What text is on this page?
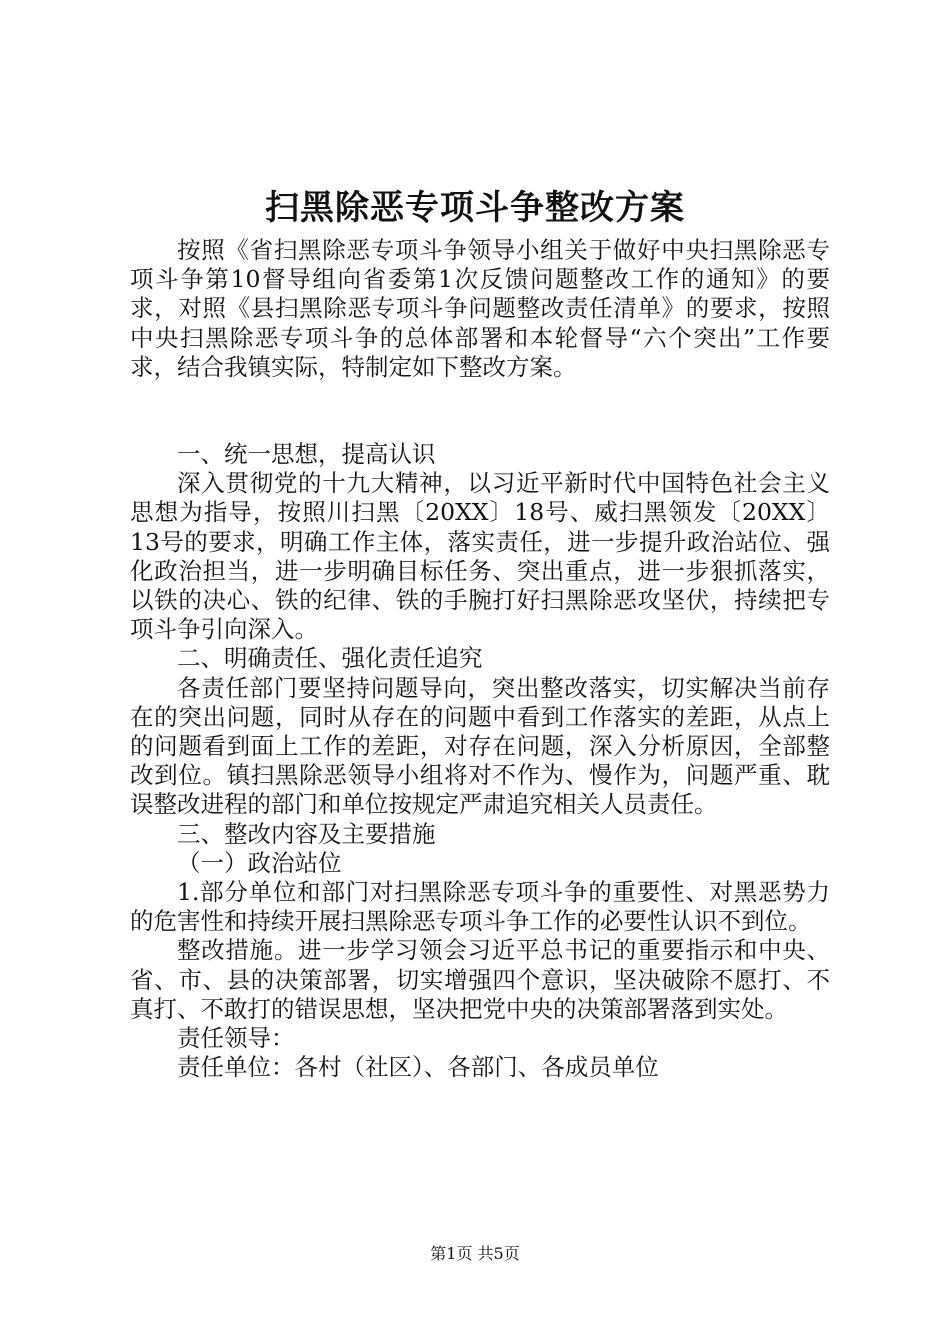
扫黑除恶专项斗争整改方案

按照《省扫黑除恶专项斗争领导小组关于做好中央扫黑除恶专项斗争第10督导组向省委第1次反馈问题整改工作的通知》的要求，对照《县扫黑除恶专项斗争问题整改责任清单》的要求，按照中央扫黑除恶专项斗争的总体部署和本轮督导“六个突出”工作要求，结合我镇实际，特制定如下整改方案。

一、统一思想，提高认识

深入贯彻党的十九大精神，以习近平新时代中国特色社会主义思想为指导，按照川扫黑〔20XX〕18号、威扫黑领发〔20XX〕13号的要求，明确工作主体，落实责任，进一步提升政治站位、强化政治担当，进一步明确目标任务、突出重点，进一步狠抓落实，以铁的决心、铁的纪律、铁的手腕打好扫黑除恶攻坚伏，持续把专项斗争引向深入。

二、明确责任、强化责任追究

各责任部门要坚持问题导向，突出整改落实，切实解决当前存在的突出问题，同时从存在的问题中看到工作落实的差距，从点上的问题看到面上工作的差距，对存在问题，深入分析原因，全部整改到位。镇扫黑除恶领导小组将对不作为、慢作为，问题严重、耽误整改进程的部门和单位按规定严肃追究相关人员责任。

三、整改内容及主要措施

（一）政治站位

1.部分单位和部门对扫黑除恶专项斗争的重要性、对黑恶势力的危害性和持续开展扫黑除恶专项斗争工作的必要性认识不到位。

整改措施。进一步学习领会习近平总书记的重要指示和中央、省、市、县的决策部署，切实增强四个意识，坚决破除不愿打、不真打、不敢打的错误思想，坚决把党中央的决策部署落到实处。

责任领导：

责任单位：各村（社区）、各部门、各成员单位

第1页 共5页
